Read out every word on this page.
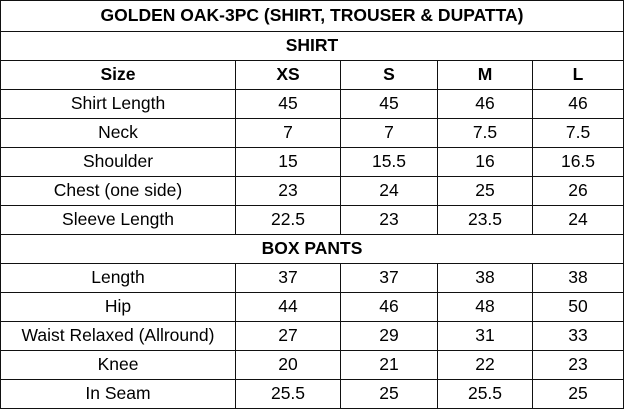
GOLDEN OAK-3PC (SHIRT, TROUSER & DUPATTA)				
SHIRT				
Size	XS	S	M	L
Shirt Length	45	45	46	46
Neck	7	7	7.5	7.5
Shoulder	15	15.5	16	16.5
Chest (one side)	23	24	25	26
Sleeve Length	22.5	23	23.5	24
BOX PANTS				
Length	37	37	38	38
Hip	44	46	48	50
Waist Relaxed (Allround)	27	29	31	33
Knee	20	21	22	23
In Seam	25.5	25	25.5	25
